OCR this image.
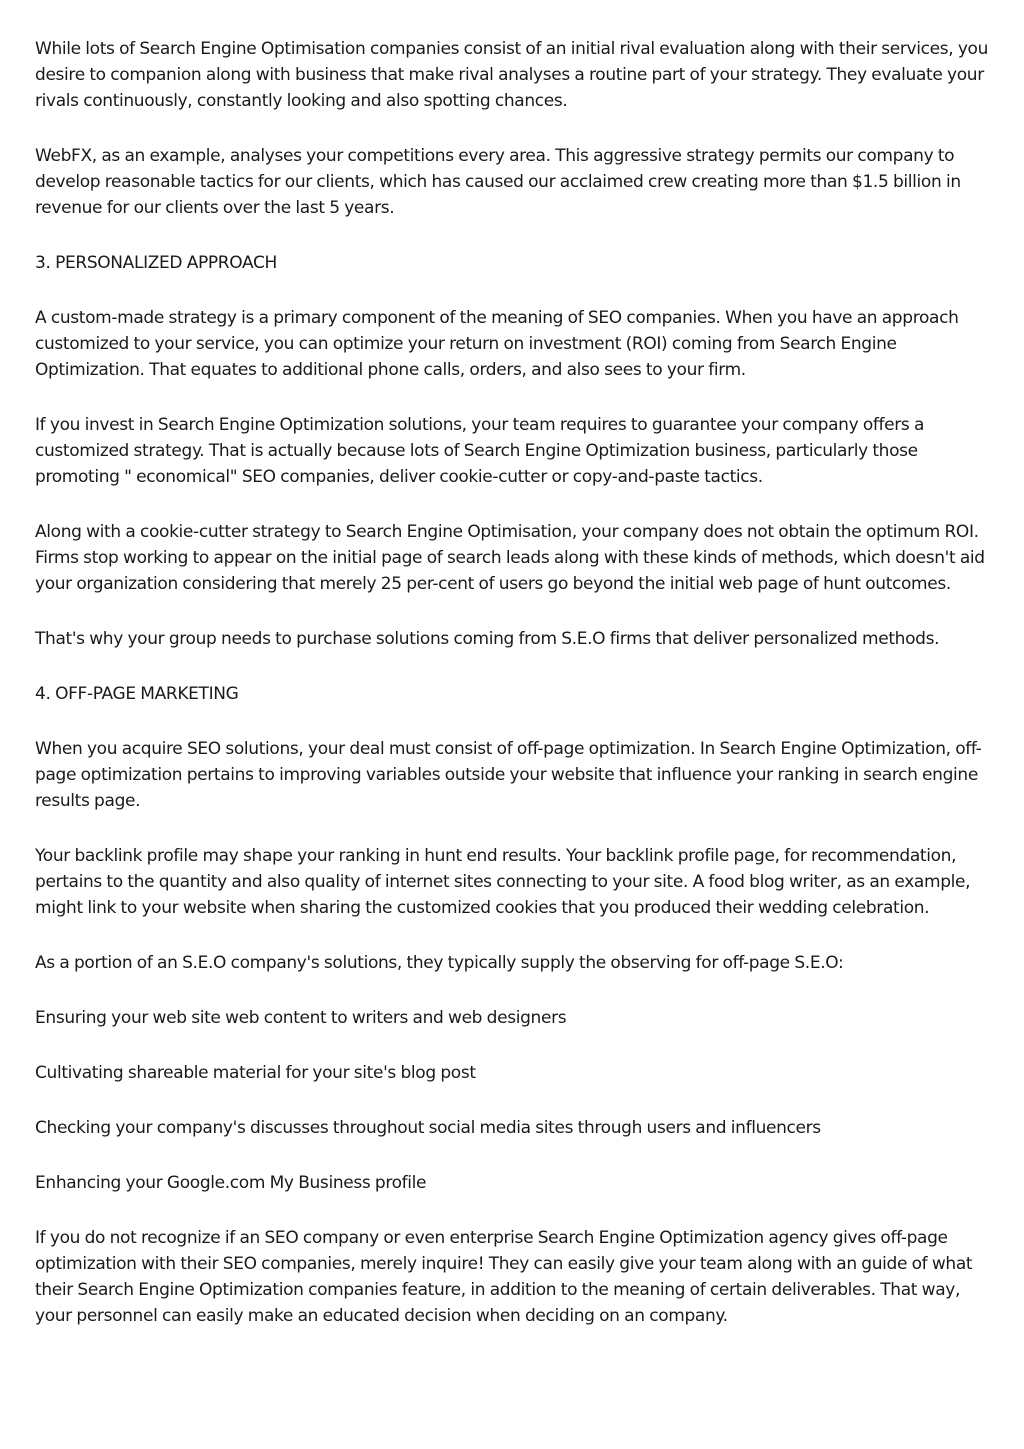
While lots of Search Engine Optimisation companies consist of an initial rival evaluation along with their services, you desire to companion along with business that make rival analyses a routine part of your strategy. They evaluate your rivals continuously, constantly looking and also spotting chances.

WebFX, as an example, analyses your competitions every area. This aggressive strategy permits our company to develop reasonable tactics for our clients, which has caused our acclaimed crew creating more than $1.5 billion in revenue for our clients over the last 5 years.

3. PERSONALIZED APPROACH

A custom-made strategy is a primary component of the meaning of SEO companies. When you have an approach customized to your service, you can optimize your return on investment (ROI) coming from Search Engine Optimization. That equates to additional phone calls, orders, and also sees to your firm.

If you invest in Search Engine Optimization solutions, your team requires to guarantee your company offers a customized strategy. That is actually because lots of Search Engine Optimization business, particularly those promoting " economical" SEO companies, deliver cookie-cutter or copy-and-paste tactics.

Along with a cookie-cutter strategy to Search Engine Optimisation, your company does not obtain the optimum ROI. Firms stop working to appear on the initial page of search leads along with these kinds of methods, which doesn't aid your organization considering that merely 25 per-cent of users go beyond the initial web page of hunt outcomes.

That's why your group needs to purchase solutions coming from S.E.O firms that deliver personalized methods.

4. OFF-PAGE MARKETING

When you acquire SEO solutions, your deal must consist of off-page optimization. In Search Engine Optimization, off-page optimization pertains to improving variables outside your website that influence your ranking in search engine results page.

Your backlink profile may shape your ranking in hunt end results. Your backlink profile page, for recommendation, pertains to the quantity and also quality of internet sites connecting to your site. A food blog writer, as an example, might link to your website when sharing the customized cookies that you produced their wedding celebration.

As a portion of an S.E.O company's solutions, they typically supply the observing for off-page S.E.O:

Ensuring your web site web content to writers and web designers

Cultivating shareable material for your site's blog post

Checking your company's discusses throughout social media sites through users and influencers

Enhancing your Google.com My Business profile

If you do not recognize if an SEO company or even enterprise Search Engine Optimization agency gives off-page optimization with their SEO companies, merely inquire! They can easily give your team along with an guide of what their Search Engine Optimization companies feature, in addition to the meaning of certain deliverables. That way, your personnel can easily make an educated decision when deciding on an company.
